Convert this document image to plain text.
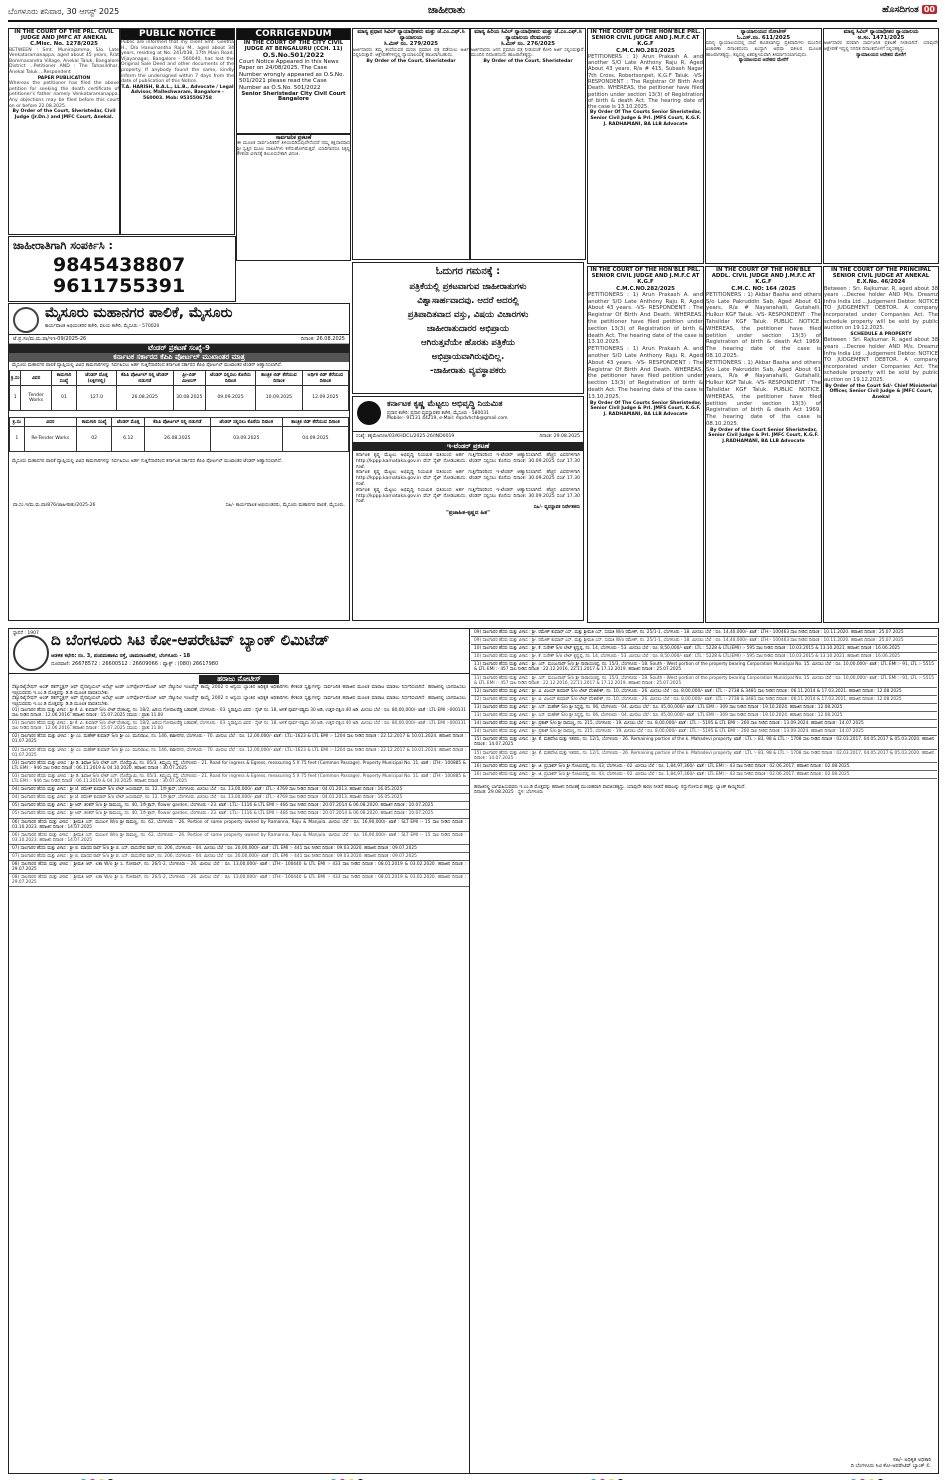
ಬೆಂಗಳೂರು ಶನಿವಾರ, 30 ಆಗಸ್ಟ್ 2025	ಜಾಹೀರಾತು	ಹೊಸದಿಗಂತ 00
IN THE COURT OF THE PRL. CIVIL JUDGE AND JMFC AT ANEKAL
C.Misc. No. 1278/2025

BETWEEN : Smt. Munirajamma, S/o. Late Venkataramanappa, aged about 45 years, R/at Bommasandra Village, Anekal Taluk, Bangalore District ...Petitioner AND : The Tahasildhar, Anekal Taluk ...Respondent

PAPER PUBLICATION

Whereas the petitioner has filed the above petition for seeking the death certificate of petitioner's father namely Venkataramanappa. Any objections may be filed before this court on or before 22.08.2025.

By Order of the Court, Sheristedar, Civil Judge (Jr.Dn.) and JMFC Court, Anekal.

PUBLIC NOTICE

Public are informed that my client Smt. Geetha H., D/o Hanumantha Raju M., aged about 34 years, residing at No. 241/038, 17th Main Road, Vijayanagar, Bangalore - 560040, has lost the Original Sale Deed and other documents of the property. If anybody found the same, kindly inform the undersigned within 7 days from the date of publication of this Notice.

T.A. HARISH, B.A.L., LL.B., Advocate / Legal Advisor, Malleshwaram, Bangalore - 560003. Mob: 9535506758

CORRIGENDUM
IN THE COURT OF THE CITY CIVIL JUDGE AT BENGALURU (CCH. 11)
O.S.No.501/2022

Court Notice Appeared in this News Paper on 24/08/2025. The Case Number wrongly appeared as O.S.No. 501/2021 please read the Case Number as O.S.No. 501/2022

Senior Sheristedar City Civil Court Bangalore

ಸಾರ್ವಜನಿಕ ಪ್ರಕಟಣೆ

ಈ ಮೂಲಕ ಸಾರ್ವಜನಿಕರಿಗೆ ತಿಳಿಯಪಡಿಸುವುದೇನೆಂದರೆ ನಮ್ಮ ಕಕ್ಷಿದಾರರಾದ ಶ್ರೀ ಸ್ವತ್ತಿನ ಮೂಲ ದಾಖಲೆಗಳು ಕಳೆದುಹೋಗಿರುತ್ತವೆ. ಯಾರಿಗಾದರೂ ಸಿಕ್ಕಲ್ಲಿ ಕೆಳಕಂಡ ವಿಳಾಸಕ್ಕೆ ತಲುಪಿಸಬೇಕಾಗಿ ವಿನಂತಿ.

ಮಾನ್ಯ ಪ್ರಧಾನ ಸಿವಿಲ್ ನ್ಯಾಯಾಧೀಶರು ಮತ್ತು ಜೆ.ಎಂ.ಎಫ್.ಸಿ ನ್ಯಾಯಾಲಯ
ಸಿ.ಮಿಸ್ ನಂ. 279/2025

ಅರ್ಜಿದಾರರು ತಮ್ಮ ತಂದೆಯವರ ಮರಣ ಪ್ರಮಾಣ ಪತ್ರ ಪಡೆಯಲು ಅರ್ಜಿ ಸಲ್ಲಿಸಿರುತ್ತಾರೆ. ಆಕ್ಷೇಪಣೆಗಳಿದ್ದಲ್ಲಿ ನ್ಯಾಯಾಲಯಕ್ಕೆ ಹಾಜರಾಗಬಹುದು.

By Order of the Court, Sheristedar

ಮಾನ್ಯ ಹಿರಿಯ ಸಿವಿಲ್ ನ್ಯಾಯಾಧೀಶರು ಮತ್ತು ಜೆ.ಎಂ.ಎಫ್.ಸಿ ನ್ಯಾಯಾಲಯ ನೆಲಮಂಗಲ
ಸಿ.ಮಿಸ್ ನಂ. 276/2025

ಅರ್ಜಿದಾರರು ಜನನ ಪ್ರಮಾಣ ಪತ್ರ ನೀಡುವಂತೆ ಕೋರಿ ಅರ್ಜಿ ಸಲ್ಲಿಸಿರುತ್ತಾರೆ. ಮುಂದಿನ ದಿನಾಂಕದಂದು ಹಾಜರಾಗತಕ್ಕದ್ದು.

By Order of the Court, Sheristedar

IN THE COURT OF THE HON'BLE PRL. SENIOR CIVIL JUDGE AND J.M.F.C AT K.G.F
C.M.C.NO.281/2025

PETITIONERS : 1) Arun Prakash A. and another S/O Late Anthony Raju R, Aged About 43 years, R/a # 415, Subash Nagar 7th Cross, Robertsonpet, K.G.F Taluk. -VS- RESPONDENT : The Registrar Of Birth And Death. WHEREAS, the petitioner have filed petition under section 13(3) of Registration of birth & death Act. The hearing date of the case is 13.10.2025.

By Order Of The Courts Senior Sheristedar, Senior Civil Judge & Prl. JMFS Court, K.G.F. J. RADHAMANI, BA LLB Advocate

ನ್ಯಾಯಾಲಯದ ನೋಟೀಸ್
ಓ.ಎಸ್.ನಂ. 611/2025

ಮಾನ್ಯ ನ್ಯಾಯಾಲಯದಲ್ಲಿ ದಾವೆ ಹೂಡಲಾಗಿದ್ದು ಪ್ರತಿವಾದಿಗಳು ಮುಂದಿನ ವಿಚಾರಣಾ ದಿನಾಂಕದಂದು ಖುದ್ದಾಗಿ ಅಥವಾ ವಕೀಲರ ಮೂಲಕ ಹಾಜರಾಗತಕ್ಕದ್ದು, ತಪ್ಪಿದಲ್ಲಿ ಏಕಪಕ್ಷೀಯವಾಗಿ ತೀರ್ಮಾನಿಸಲಾಗುವುದು.

ನ್ಯಾಯಾಲಯದ ಆದೇಶದ ಮೇರೆಗೆ

ಮಾನ್ಯ ಸಿವಿಲ್ ನ್ಯಾಯಾಧೀಶರ ನ್ಯಾಯಾಲಯ
ಅ.ಸಂ. 1471/2025

ಅರ್ಜಿದಾರರ ಪರವಾಗಿ ಸಾರ್ವಜನಿಕ ಪ್ರಕಟಣೆ ನೀಡಲಾಗಿದೆ. ಯಾವುದೇ ಆಕ್ಷೇಪಣೆ ಇದ್ದಲ್ಲಿ ನಿಗದಿತ ದಿನಾಂಕದೊಳಗೆ ಸಲ್ಲಿಸತಕ್ಕದ್ದು.

ನ್ಯಾಯಾಲಯದ ಆದೇಶದ ಮೇರೆಗೆ

ಜಾಹೀರಾತಿಗಾಗಿ ಸಂಪರ್ಕಿಸಿ :
9845438807
9611755391
ಮೈಸೂರು ಮಹಾನಗರ ಪಾಲಿಕೆ, ಮೈಸೂರು
ಕಾರ್ಯಪಾಲಕ ಅಭಿಯಂತರರ ಕಚೇರಿ, ವಲಯ ಕಚೇರಿ, ಮೈಸೂರು - 570020
ಟೆ.ಪ್ರ.ಸಂ/ಮ.ಮ.ಪಾ/ಇಇ-09/2025-26	ದಿನಾಂಕ: 26.08.2025
ಟೆಂಡರ್ ಪ್ರಕಟಣೆ ಸಂಖ್ಯೆ-9
ಕರ್ನಾಟಕ ಸರ್ಕಾರದ ಕೆಪಿಪಿ ಪೋರ್ಟಲ್ ಮುಖಾಂತರ ಮಾತ್ರ
ಮೈಸೂರು ಮಹಾನಗರ ಪಾಲಿಕೆ ವ್ಯಾಪ್ತಿಯಲ್ಲಿ ವಿವಿಧ ಕಾಮಗಾರಿಗಳನ್ನು ನಿರ್ವಹಿಸಲು ಅರ್ಹ ಗುತ್ತಿಗೆದಾರರಿಂದ ಕರ್ನಾಟಕ ಸರ್ಕಾರದ ಕೆಪಿಪಿ ಪೋರ್ಟಲ್ ಮುಖಾಂತರ ಟೆಂಡರ್ ಆಹ್ವಾನಿಸಲಾಗಿದೆ.
ಕ್ರ.ಸಂ	ವಿವರ	ಕಾಮಗಾರಿ ಸಂಖ್ಯೆ	ಟೆಂಡರ್ ಮೊತ್ತ (ಲಕ್ಷಗಳಲ್ಲಿ)	ಕೆಪಿಪಿ ಪೋರ್ಟಲ್ ನಲ್ಲಿ ಟೆಂಡರ್ ಬಿಡುಗಡೆ	ಪ್ರೀ-ಬಿಡ್ ಮೀಟಿಂಗ್	ಟೆಂಡರ್ ಸಲ್ಲಿಸಲು ಕೊನೆಯ ದಿನಾಂಕ	ತಾಂತ್ರಿಕ ಬಿಡ್ ತೆರೆಯುವ ದಿನಾಂಕ	ಆರ್ಥಿಕ ಬಿಡ್ ತೆರೆಯುವ ದಿನಾಂಕ
1	Tender Works	01	127.0	26.08.2025	30.08.2025	09.09.2025	10.09.2025	12.09.2025
ಕ್ರ.ಸಂ	ವಿವರ	ಕಾಮಗಾರಿ ಸಂಖ್ಯೆ	ಟೆಂಡರ್ ಮೊತ್ತ	ಕೆಪಿಪಿ ಪೋರ್ಟಲ್ ನಲ್ಲಿ ಬಿಡುಗಡೆ	ಟೆಂಡರ್ ಸಲ್ಲಿಸಲು ಕೊನೆಯ ದಿನಾಂಕ	ತಾಂತ್ರಿಕ ಬಿಡ್ ತೆರೆಯುವ ದಿನಾಂಕ
1	Re-Tender Works	02	6.12	26.08.2025	03.09.2025	04.09.2025
ಮೈಸೂರು ಮಹಾನಗರ ಪಾಲಿಕೆ ವ್ಯಾಪ್ತಿಯಲ್ಲಿ ವಿವಿಧ ಕಾಮಗಾರಿಗಳನ್ನು ನಿರ್ವಹಿಸಲು ಅರ್ಹ ಗುತ್ತಿಗೆದಾರರಿಂದ ಕರ್ನಾಟಕ ಸರ್ಕಾರದ ಕೆಪಿಪಿ ಪೋರ್ಟಲ್ ಮುಖಾಂತರ ಟೆಂಡರ್ ಆಹ್ವಾನಿಸಲಾಗಿದೆ.
ವಾ.ಸಂ.ಇ/ಮ.ಮ.ಪಾ/876/ಜಾಹೀರಾತು/2025-26	ಸಹಿ/- ಕಾರ್ಯಪಾಲಕ ಅಭಿಯಂತರರು, ಮೈಸೂರು ಮಹಾನಗರ ಪಾಲಿಕೆ, ಮೈಸೂರು.
ಓದುಗರ ಗಮನಕ್ಕೆ :
ಪತ್ರಿಕೆಯಲ್ಲಿ ಪ್ರಕಟವಾಗುವ ಜಾಹೀರಾತುಗಳು
ವಿಶ್ವಾಸಾರ್ಹವಾದವು. ಆದರೆ ಅದರಲ್ಲಿ
ಪ್ರತಿಪಾದಿತವಾದ ವಸ್ತು, ವಿಷಯ ವಿಚಾರಗಳು
ಜಾಹೀರಾತುದಾರರ ಅಭಿಪ್ರಾಯ
ಆಗಿರುತ್ತವೆಯೇ ಹೊರತು ಪತ್ರಿಕೆಯ
ಅಭಿಪ್ರಾಯವಾಗಿರುವುದಿಲ್ಲ.
-ಜಾಹೀರಾತು ವ್ಯವಸ್ಥಾಪಕರು
ಕರ್ನಾಟಕ ಕೃಷ್ಣ ಮೆಟ್ಟಲು ಅಭಿವೃದ್ಧಿ ನಿಯಮಿತ
ಪ್ರಧಾನ ಕಚೇರಿ: ಪ್ರಧಾನ ವ್ಯವಸ್ಥಾಪಕರ ಕಚೇರಿ, ಮೈಸೂರು - 580031
Mobile:- 91131 44219, e-Mail: mpdvhchb@gmail.com
ಸಂಖ್ಯೆ: ಕಕೃಮೆಅನಿ/ಆ/03/KHDCL/2025-26/IND0019	ದಿನಾಂಕ: 29.08.2025
ಇ-ಟೆಂಡರ್ ಪ್ರಕಟಣೆ
ಕರ್ನಾಟಕ ಕೃಷ್ಣ ಮೆಟ್ಟಲು ಅಭಿವೃದ್ಧಿ ನಿಯಮಿತ ವತಿಯಿಂದ ಅರ್ಹ ಗುತ್ತಿಗೆದಾರರಿಂದ ಇ-ಟೆಂಡರ್ ಆಹ್ವಾನಿಸಲಾಗಿದೆ. ಹೆಚ್ಚಿನ ವಿವರಗಳಿಗಾಗಿ http://kppp.karnataka.gov.in ವೆಬ್ ಸೈಟ್ ನೋಡಬಹುದು. ಟೆಂಡರ್ ಸಲ್ಲಿಸಲು ಕೊನೆಯ ದಿನಾಂಕ: 30.09.2025 ಸಂಜೆ 17.30 ಗಂಟೆ.
ಕರ್ನಾಟಕ ಕೃಷ್ಣ ಮೆಟ್ಟಲು ಅಭಿವೃದ್ಧಿ ನಿಯಮಿತ ವತಿಯಿಂದ ಅರ್ಹ ಗುತ್ತಿಗೆದಾರರಿಂದ ಇ-ಟೆಂಡರ್ ಆಹ್ವಾನಿಸಲಾಗಿದೆ. ಹೆಚ್ಚಿನ ವಿವರಗಳಿಗಾಗಿ http://kppp.karnataka.gov.in ವೆಬ್ ಸೈಟ್ ನೋಡಬಹುದು. ಟೆಂಡರ್ ಸಲ್ಲಿಸಲು ಕೊನೆಯ ದಿನಾಂಕ: 30.09.2025 ಸಂಜೆ 17.30 ಗಂಟೆ.
ಕರ್ನಾಟಕ ಕೃಷ್ಣ ಮೆಟ್ಟಲು ಅಭಿವೃದ್ಧಿ ನಿಯಮಿತ ವತಿಯಿಂದ ಅರ್ಹ ಗುತ್ತಿಗೆದಾರರಿಂದ ಇ-ಟೆಂಡರ್ ಆಹ್ವಾನಿಸಲಾಗಿದೆ. ಹೆಚ್ಚಿನ ವಿವರಗಳಿಗಾಗಿ http://kppp.karnataka.gov.in ವೆಬ್ ಸೈಟ್ ನೋಡಬಹುದು. ಟೆಂಡರ್ ಸಲ್ಲಿಸಲು ಕೊನೆಯ ದಿನಾಂಕ: 30.09.2025 ಸಂಜೆ 17.30 ಗಂಟೆ.
ಸಹಿ/- ವ್ಯವಸ್ಥಾಪಕ ನಿರ್ದೇಶಕರು
"ಪ್ರಜಾಹಿತ-ಕೃಷ್ಣದ ಹಿತ"
IN THE COURT OF THE HON'BLE ADDL. CIVIL JUDGE AND J.M.F.C AT K.G.F
C.M.C. NO: 164 /2025

PETITIONERS : 1) Akbar Basha and others S/o Late Pakruddin Sab, Aged About 61 years, R/a # Nayanahalli, Gutahalli, Hulkur KGF Taluk. -VS- RESPONDENT : The Tahsildar KGF Taluk. PUBLIC NOTICE. WHEREAS, the petitioner have filed petition under section 13(3) of Registration of birth & death Act 1969. The hearing date of the case is 08.10.2025.

PETITIONERS : 1) Akbar Basha and others S/o Late Pakruddin Sab, Aged About 61 years, R/a # Nayanahalli, Gutahalli, Hulkur KGF Taluk. -VS- RESPONDENT : The Tahsildar KGF Taluk. PUBLIC NOTICE. WHEREAS, the petitioner have filed petition under section 13(3) of Registration of birth & death Act 1969. The hearing date of the case is 08.10.2025.

By Order of the Court Senior Sheristedar, Senior Civil Judge & Prl. JMFC Court, K.G.F. J.RADHAMANI, BA LLB Advocate

IN THE COURT OF THE PRINCIPAL SENIOR CIVIL JUDGE AT ANEKAL
E.X.No. 46/2024

Between : Sri. Rajkumar. R, aged about 38 years ...Decree holder AND M/s. Dreamz Infra India Ltd ...Judgement Debtor. NOTICE TO JUDGEMENT DEBTOR. A company incorporated under Companies Act. The schedule property will be sold by public auction on 19.12.2025.

SCHEDULE A PROPERTY

Between : Sri. Rajkumar. R, aged about 38 years ...Decree holder AND M/s. Dreamz Infra India Ltd ...Judgement Debtor. NOTICE TO JUDGEMENT DEBTOR. A company incorporated under Companies Act. The schedule property will be sold by public auction on 19.12.2025.

By Order of the Court Sd/- Chief Ministerial Officer, Senior Civil Judge & JMFC Court, Anekal

IN THE COURT OF THE HON'BLE PRL. SENIOR CIVIL JUDGE AND J.M.F.C AT K.G.F
C.M.C.NO.282/2025

PETITIONERS : 1) Arun Prakash A. and another S/O Late Anthony Raju R, Aged About 43 years. -VS- RESPONDENT : The Registrar Of Birth And Death. WHEREAS, the petitioner have filed petition under section 13(3) of Registration of birth & death Act. The hearing date of the case is 13.10.2025.

PETITIONERS : 1) Arun Prakash A. and another S/O Late Anthony Raju R, Aged About 43 years. -VS- RESPONDENT : The Registrar Of Birth And Death. WHEREAS, the petitioner have filed petition under section 13(3) of Registration of birth & death Act. The hearing date of the case is 13.10.2025.

By Order Of The Courts Senior Sheristedar, Senior Civil Judge & Prl. JMFS Court, K.G.F. J. RADHAMANI, BA LLB Advocate

ಸ್ಥಾಪನೆ : 1907 ದಿ ಬೆಂಗಳೂರು ಸಿಟಿ ಕೋ-ಆಪರೇಟಿವ್ ಬ್ಯಾಂಕ್ ಲಿಮಿಟೆಡ್
ಆಡಳಿತ ಕಛೇರಿ: ನಂ. 3, ಪಂಪಮಹಾಕವಿ ರಸ್ತೆ, ಚಾಮರಾಜಪೇಟೆ, ಬೆಂಗಳೂರು - 18
ದೂರವಾಣಿ: 26678572 : 26600512 : 26609066 : ಫ್ಯಾಕ್ಸ್ : (080) 26617980
ಹರಾಜು ನೋಟೀಸ್
ಸೆಕ್ಯೂರಿಟೈಸೇಷನ್ ಅಂಡ್ ರಿಕನ್‌ಸ್ಟ್ರಕ್ಷನ್ ಆಫ್ ಫೈನಾನ್ಸಿಯಲ್ ಅಸೆಟ್ಸ್ ಅಂಡ್ ಎನ್‌ಫೋರ್ಸ್‌ಮೆಂಟ್ ಆಫ್ ಸೆಕ್ಯೂರಿಟಿ ಇಂಟರೆಸ್ಟ್ ಕಾಯ್ದೆ 2002 ರ ಅನ್ವಯ ಬ್ಯಾಂಕಿನ ಅಧಿಕೃತ ಅಧಿಕಾರಿಗಳು ಕೆಳಕಂಡ ಸ್ವತ್ತುಗಳನ್ನು ಸಾರ್ವಜನಿಕ ಹರಾಜಿನ ಮೂಲಕ ಮಾರಾಟ ಮಾಡಲು ನಿರ್ಧರಿಸಲಾಗಿದೆ. ಹರಾಜಿನಲ್ಲಿ ಭಾಗವಹಿಸಲು ಇಚ್ಛಿಸುವವರು ಇ.ಎಂ.ಡಿ ಮೊತ್ತವನ್ನು ಡಿ.ಡಿ ಮೂಲಕ ಪಾವತಿಸಬೇಕು.
ಸೆಕ್ಯೂರಿಟೈಸೇಷನ್ ಅಂಡ್ ರಿಕನ್‌ಸ್ಟ್ರಕ್ಷನ್ ಆಫ್ ಫೈನಾನ್ಸಿಯಲ್ ಅಸೆಟ್ಸ್ ಅಂಡ್ ಎನ್‌ಫೋರ್ಸ್‌ಮೆಂಟ್ ಆಫ್ ಸೆಕ್ಯೂರಿಟಿ ಇಂಟರೆಸ್ಟ್ ಕಾಯ್ದೆ 2002 ರ ಅನ್ವಯ ಬ್ಯಾಂಕಿನ ಅಧಿಕೃತ ಅಧಿಕಾರಿಗಳು ಕೆಳಕಂಡ ಸ್ವತ್ತುಗಳನ್ನು ಸಾರ್ವಜನಿಕ ಹರಾಜಿನ ಮೂಲಕ ಮಾರಾಟ ಮಾಡಲು ನಿರ್ಧರಿಸಲಾಗಿದೆ. ಹರಾಜಿನಲ್ಲಿ ಭಾಗವಹಿಸಲು ಇಚ್ಛಿಸುವವರು ಇ.ಎಂ.ಡಿ ಮೊತ್ತವನ್ನು ಡಿ.ಡಿ ಮೂಲಕ ಪಾವತಿಸಬೇಕು.
01) ಸಾಲಗಾರರ ಹೆಸರು ಮತ್ತು ವಿಳಾಸ : ಶ್ರೀ ಕೆ. ವಿ. ಕುಮಾರ್ S/o ಲೇಟ್ ವೆಂಕಟಪ್ಪ, ನಂ. 18/2, ಹಿರಿಯ ಗೋಪಾಲರೆಡ್ಡಿ ಬಡಾವಣೆ, ಬೆಂಗಳೂರು - 03. ಸ್ಥಿರಾಸ್ತಿಯ ವಿವರ : ಸೈಟ್ ನಂ. 18, ಅಳತೆ ಪೂರ್ವ-ಪಶ್ಚಿಮ 30 ಅಡಿ, ಉತ್ತರ-ದಕ್ಷಿಣ 40 ಅಡಿ. ಮೀಸಲು ಬೆಲೆ : ರೂ. 80,00,000/- ಖಾತೆ : LTL EMI :-000131 ಸಾಲ ನೀಡಿದ ದಿನಾಂಕ : 12.06.2016. ಹರಾಜಿನ ದಿನಾಂಕ : 15.07.2025 ಸಮಯ : ಪ್ರಾತಃ 11.00
01) ಸಾಲಗಾರರ ಹೆಸರು ಮತ್ತು ವಿಳಾಸ : ಶ್ರೀ ಕೆ. ವಿ. ಕುಮಾರ್ S/o ಲೇಟ್ ವೆಂಕಟಪ್ಪ, ನಂ. 18/2, ಹಿರಿಯ ಗೋಪಾಲರೆಡ್ಡಿ ಬಡಾವಣೆ, ಬೆಂಗಳೂರು - 03. ಸ್ಥಿರಾಸ್ತಿಯ ವಿವರ : ಸೈಟ್ ನಂ. 18, ಅಳತೆ ಪೂರ್ವ-ಪಶ್ಚಿಮ 30 ಅಡಿ, ಉತ್ತರ-ದಕ್ಷಿಣ 40 ಅಡಿ. ಮೀಸಲು ಬೆಲೆ : ರೂ. 80,00,000/- ಖಾತೆ : LTL EMI :-000131 ಸಾಲ ನೀಡಿದ ದಿನಾಂಕ : 12.06.2016. ಹರಾಜಿನ ದಿನಾಂಕ : 15.07.2025 ಸಮಯ : ಪ್ರಾತಃ 11.00
02) ಸಾಲಗಾರರ ಹೆಸರು ಮತ್ತು ವಿಳಾಸ : ಶ್ರೀ ಎಂ. ಮಹೇಶ್ ಕುಮಾರ್ S/o ಶ್ರೀ ಎಂ. ಮುನಿರಾಜು, ನಂ. 146, ಕಾಶೀನಗರ, ಬೆಂಗಳೂರು - 70. ಮೀಸಲು ಬೆಲೆ : ರೂ. 12,00,000/- ಖಾತೆ : LTL:-1623 & LTL EMI :- 1204 ಸಾಲ ನೀಡಿದ ದಿನಾಂಕ : 22.12.2017 & 10.01.2024. ಹರಾಜಿನ ದಿನಾಂಕ : 01.07.2025
02) ಸಾಲಗಾರರ ಹೆಸರು ಮತ್ತು ವಿಳಾಸ : ಶ್ರೀ ಎಂ. ಮಹೇಶ್ ಕುಮಾರ್ S/o ಶ್ರೀ ಎಂ. ಮುನಿರಾಜು, ನಂ. 146, ಕಾಶೀನಗರ, ಬೆಂಗಳೂರು - 70. ಮೀಸಲು ಬೆಲೆ : ರೂ. 12,00,000/- ಖಾತೆ : LTL:-1623 & LTL EMI :- 1204 ಸಾಲ ನೀಡಿದ ದಿನಾಂಕ : 22.12.2017 & 10.01.2024. ಹರಾಜಿನ ದಿನಾಂಕ : 01.07.2025
03) ಸಾಲಗಾರರ ಹೆಸರು ಮತ್ತು ವಿಳಾಸ : ಶ್ರೀ ಡಿ. ಶಿವಾಜಿ S/o ಲೇಟ್ ಎನ್. ದೊರೆಸ್ವಾಮಿ, ನಂ. 05/3, ತಿಮ್ಮಯ್ಯ ರಸ್ತೆ, ಬೆಂಗಳೂರು - 21. Road for ingress & Egress, measuring 5 X 75 feet (Common Passage). Property Municipal No. 11. ಖಾತೆ : LTH:- 100885 & LTL EMI :- 946 ಸಾಲ ನೀಡಿದ ದಿನಾಂಕ : 06.11.2019 & 04.10.2020. ಹರಾಜಿನ ದಿನಾಂಕ : 30.07.2025
03) ಸಾಲಗಾರರ ಹೆಸರು ಮತ್ತು ವಿಳಾಸ : ಶ್ರೀ ಡಿ. ಶಿವಾಜಿ S/o ಲೇಟ್ ಎನ್. ದೊರೆಸ್ವಾಮಿ, ನಂ. 05/3, ತಿಮ್ಮಯ್ಯ ರಸ್ತೆ, ಬೆಂಗಳೂರು - 21. Road for ingress & Egress, measuring 5 X 75 feet (Common Passage). Property Municipal No. 11. ಖಾತೆ : LTH:- 100885 & LTL EMI :- 946 ಸಾಲ ನೀಡಿದ ದಿನಾಂಕ : 06.11.2019 & 04.10.2020. ಹರಾಜಿನ ದಿನಾಂಕ : 30.07.2025
04) ಸಾಲಗಾರರ ಹೆಸರು ಮತ್ತು ವಿಳಾಸ : ಶ್ರೀ ಜೆ. ರಮೇಶ್ ಕುಮಾರ್ S/o ಲೇಟ್ ಜಯರಾಮ್, ನಂ. 12, 1ನೇ ಕ್ರಾಸ್, ಬೆಂಗಳೂರು. ಮೀಸಲು ಬೆಲೆ : ರೂ. 13,00,000/- ಖಾತೆ : LTL:- 4769 ಸಾಲ ನೀಡಿದ ದಿನಾಂಕ : 04.01.2013. ಹರಾಜಿನ ದಿನಾಂಕ : 16.05.2025
04) ಸಾಲಗಾರರ ಹೆಸರು ಮತ್ತು ವಿಳಾಸ : ಶ್ರೀ ಜೆ. ರಮೇಶ್ ಕುಮಾರ್ S/o ಲೇಟ್ ಜಯರಾಮ್, ನಂ. 12, 1ನೇ ಕ್ರಾಸ್, ಬೆಂಗಳೂರು. ಮೀಸಲು ಬೆಲೆ : ರೂ. 13,00,000/- ಖಾತೆ : LTL:- 4769 ಸಾಲ ನೀಡಿದ ದಿನಾಂಕ : 04.01.2013. ಹರಾಜಿನ ದಿನಾಂಕ : 16.05.2025
05) ಸಾಲಗಾರರ ಹೆಸರು ಮತ್ತು ವಿಳಾಸ : ಶ್ರೀ ಆರ್. ಶಂಕರ್ S/o ಶ್ರೀ ರಾಮಯ್ಯ, ನಂ. 40, 1ನೇ ಕ್ರಾಸ್, flower garden, ಬೆಂಗಳೂರು - 23. ಖಾತೆ : LTL:- 1116 & LTL EMI :- 466 ಸಾಲ ನೀಡಿದ ದಿನಾಂಕ : 20.07.2014 & 06.08.2020. ಹರಾಜಿನ ದಿನಾಂಕ : 10.07.2025
05) ಸಾಲಗಾರರ ಹೆಸರು ಮತ್ತು ವಿಳಾಸ : ಶ್ರೀ ಆರ್. ಶಂಕರ್ S/o ಶ್ರೀ ರಾಮಯ್ಯ, ನಂ. 40, 1ನೇ ಕ್ರಾಸ್, flower garden, ಬೆಂಗಳೂರು - 23. ಖಾತೆ : LTL:- 1116 & LTL EMI :- 466 ಸಾಲ ನೀಡಿದ ದಿನಾಂಕ : 20.07.2014 & 06.08.2020. ಹರಾಜಿನ ದಿನಾಂಕ : 10.07.2025
06) ಸಾಲಗಾರರ ಹೆಸರು ಮತ್ತು ವಿಳಾಸ : ಶ್ರೀಮತಿ ಎಸ್. ಮಂಜುಳ W/o ಶ್ರೀ ರಾಮಣ್ಣ, ನಂ. 62, ಬೆಂಗಳೂರು - 26. Portion of same property owned by Ramanna, Raju & Manjula. ಮೀಸಲು ಬೆಲೆ : ರೂ. 16,90,000/- ಖಾತೆ : SLT EMI :- 15 ಸಾಲ ನೀಡಿದ ದಿನಾಂಕ : 03.10.2023. ಹರಾಜಿನ ದಿನಾಂಕ : 14.07.2025
06) ಸಾಲಗಾರರ ಹೆಸರು ಮತ್ತು ವಿಳಾಸ : ಶ್ರೀಮತಿ ಎಸ್. ಮಂಜುಳ W/o ಶ್ರೀ ರಾಮಣ್ಣ, ನಂ. 62, ಬೆಂಗಳೂರು - 26. Portion of same property owned by Ramanna, Raju & Manjula. ಮೀಸಲು ಬೆಲೆ : ರೂ. 16,90,000/- ಖಾತೆ : SLT EMI :- 15 ಸಾಲ ನೀಡಿದ ದಿನಾಂಕ : 03.10.2023. ಹರಾಜಿನ ದಿನಾಂಕ : 14.07.2025
07) ಸಾಲಗಾರರ ಹೆಸರು ಮತ್ತು ವಿಳಾಸ : ಶ್ರೀ ಬಿ. ಮಾಧವ ರಾವ್ S/o ಶ್ರೀ ಬಿ. ಎಸ್. ವಾಸುದೇವ ರಾವ್, ನಂ. 206, ಬೆಂಗಳೂರು - 04. ಮೀಸಲು ಬೆಲೆ : ರೂ. 20,00,000/- ಖಾತೆ : LTL EMI :- 441 ಸಾಲ ನೀಡಿದ ದಿನಾಂಕ : 09.03.2020. ಹರಾಜಿನ ದಿನಾಂಕ : 09.07.2025
07) ಸಾಲಗಾರರ ಹೆಸರು ಮತ್ತು ವಿಳಾಸ : ಶ್ರೀ ಬಿ. ಮಾಧವ ರಾವ್ S/o ಶ್ರೀ ಬಿ. ಎಸ್. ವಾಸುದೇವ ರಾವ್, ನಂ. 206, ಬೆಂಗಳೂರು - 04. ಮೀಸಲು ಬೆಲೆ : ರೂ. 20,00,000/- ಖಾತೆ : LTL EMI :- 441 ಸಾಲ ನೀಡಿದ ದಿನಾಂಕ : 09.03.2020. ಹರಾಜಿನ ದಿನಾಂಕ : 09.07.2025
08) ಸಾಲಗಾರರ ಹೆಸರು ಮತ್ತು ವಿಳಾಸ : ಶ್ರೀಮತಿ ಆರ್. ಲತಾ W/o ಶ್ರೀ ಸಿ. ಗೋಪಾಲ್, ನಂ. 26/1-2, ಬೆಂಗಳೂರು - 26. ಮೀಸಲು ಬೆಲೆ : ರೂ. 13,00,000/- ಖಾತೆ : LTH:- 100440 & LTL EMI :- 433 ಸಾಲ ನೀಡಿದ ದಿನಾಂಕ : 08.01.2019 & 03.02.2020. ಹರಾಜಿನ ದಿನಾಂಕ : 29.07.2025
08) ಸಾಲಗಾರರ ಹೆಸರು ಮತ್ತು ವಿಳಾಸ : ಶ್ರೀಮತಿ ಆರ್. ಲತಾ W/o ಶ್ರೀ ಸಿ. ಗೋಪಾಲ್, ನಂ. 26/1-2, ಬೆಂಗಳೂರು - 26. ಮೀಸಲು ಬೆಲೆ : ರೂ. 13,00,000/- ಖಾತೆ : LTH:- 100440 & LTL EMI :- 433 ಸಾಲ ನೀಡಿದ ದಿನಾಂಕ : 08.01.2019 & 03.02.2020. ಹರಾಜಿನ ದಿನಾಂಕ : 29.07.2025
09) ಸಾಲಗಾರರ ಹೆಸರು ಮತ್ತು ವಿಳಾಸ : ಶ್ರೀ. ರಮೇಶ್ ಕುಮಾರ್ ಎಸ್. ಮತ್ತು ಶ್ರೀಮತಿ ಎಸ್. ಸುಮತಿ W/o ರಮೇಶ್, ನಂ. 25/1-1, ಬೆಂಗಳೂರು - 18. ಮೀಸಲು ಬೆಲೆ : ರೂ. 14,40,000/- ಖಾತೆ : LTH:- 100463 ಸಾಲ ನೀಡಿದ ದಿನಾಂಕ : 10.11.2020. ಹರಾಜಿನ ದಿನಾಂಕ : 25.07.2025
09) ಸಾಲಗಾರರ ಹೆಸರು ಮತ್ತು ವಿಳಾಸ : ಶ್ರೀ. ರಮೇಶ್ ಕುಮಾರ್ ಎಸ್. ಮತ್ತು ಶ್ರೀಮತಿ ಎಸ್. ಸುಮತಿ W/o ರಮೇಶ್, ನಂ. 25/1-1, ಬೆಂಗಳೂರು - 18. ಮೀಸಲು ಬೆಲೆ : ರೂ. 14,40,000/- ಖಾತೆ : LTH:- 100463 ಸಾಲ ನೀಡಿದ ದಿನಾಂಕ : 10.11.2020. ಹರಾಜಿನ ದಿನಾಂಕ : 25.07.2025
10) ಸಾಲಗಾರರ ಹೆಸರು ಮತ್ತು ವಿಳಾಸ : ಶ್ರೀ. ಕೆ. ಸುರೇಶ್ S/o ಲೇಟ್ ಕೃಷ್ಣಪ್ಪ, ನಂ. 14, ಬೆಂಗಳೂರು - 53. ಮೀಸಲು ಬೆಲೆ : ರೂ. 8,50,000/- ಖಾತೆ : LTL : 5228 & LTL(EMI) :- 595 ಸಾಲ ನೀಡಿದ ದಿನಾಂಕ : 10.03.2015 & 13.10.2021. ಹರಾಜಿನ ದಿನಾಂಕ : 16.06.2025
10) ಸಾಲಗಾರರ ಹೆಸರು ಮತ್ತು ವಿಳಾಸ : ಶ್ರೀ. ಕೆ. ಸುರೇಶ್ S/o ಲೇಟ್ ಕೃಷ್ಣಪ್ಪ, ನಂ. 14, ಬೆಂಗಳೂರು - 53. ಮೀಸಲು ಬೆಲೆ : ರೂ. 8,50,000/- ಖಾತೆ : LTL : 5228 & LTL(EMI) :- 595 ಸಾಲ ನೀಡಿದ ದಿನಾಂಕ : 10.03.2015 & 13.10.2021. ಹರಾಜಿನ ದಿನಾಂಕ : 16.06.2025
11) ಸಾಲಗಾರರ ಹೆಸರು ಮತ್ತು ವಿಳಾಸ : ಶ್ರೀ. ಎನ್. ಮಂಜುನಾಥ್ S/o ಶ್ರೀ ನಾರಾಯಣಪ್ಪ, ನಂ. 15/3, ಬೆಂಗಳೂರು - 18. South - West portion of the property bearing Corporation Municipal No. 15. ಮೀಸಲು ಬೆಲೆ : ರೂ. 10,00,000/- ಖಾತೆ : LTL EMI :- 91, LTL :- 5515 & LTL EMI :- 457 ಸಾಲ ನೀಡಿದ ದಿನಾಂಕ : 22.12.2016, 22.11.2017 & 17.12.2019. ಹರಾಜಿನ ದಿನಾಂಕ : 25.07.2025
11) ಸಾಲಗಾರರ ಹೆಸರು ಮತ್ತು ವಿಳಾಸ : ಶ್ರೀ. ಎನ್. ಮಂಜುನಾಥ್ S/o ಶ್ರೀ ನಾರಾಯಣಪ್ಪ, ನಂ. 15/3, ಬೆಂಗಳೂರು - 18. South - West portion of the property bearing Corporation Municipal No. 15. ಮೀಸಲು ಬೆಲೆ : ರೂ. 10,00,000/- ಖಾತೆ : LTL EMI :- 91, LTL :- 5515 & LTL EMI :- 457 ಸಾಲ ನೀಡಿದ ದಿನಾಂಕ : 22.12.2016, 22.11.2017 & 17.12.2019. ಹರಾಜಿನ ದಿನಾಂಕ : 25.07.2025
12) ಸಾಲಗಾರರ ಹೆಸರು ಮತ್ತು ವಿಳಾಸ : ಶ್ರೀ. ವಿ. ವಿಜಯ್ ಕುಮಾರ್ S/o ಲೇಟ್ ವೆಂಕಟೇಶ್, ನಂ. 10, ಬೆಂಗಳೂರು - 26. ಮೀಸಲು ಬೆಲೆ : ರೂ. 8,00,000/- ಖಾತೆ : LTL :- 2738 & 3481 ಸಾಲ ನೀಡಿದ ದಿನಾಂಕ : 06.11.2014 & 17.03.2021. ಹರಾಜಿನ ದಿನಾಂಕ : 12.08.2025
12) ಸಾಲಗಾರರ ಹೆಸರು ಮತ್ತು ವಿಳಾಸ : ಶ್ರೀ. ವಿ. ವಿಜಯ್ ಕುಮಾರ್ S/o ಲೇಟ್ ವೆಂಕಟೇಶ್, ನಂ. 10, ಬೆಂಗಳೂರು - 26. ಮೀಸಲು ಬೆಲೆ : ರೂ. 8,00,000/- ಖಾತೆ : LTL :- 2738 & 3481 ಸಾಲ ನೀಡಿದ ದಿನಾಂಕ : 06.11.2014 & 17.03.2021. ಹರಾಜಿನ ದಿನಾಂಕ : 12.08.2025
13) ಸಾಲಗಾರರ ಹೆಸರು ಮತ್ತು ವಿಳಾಸ : ಶ್ರೀ. ಎಸ್. ಮಹೇಶ್ S/o ಶ್ರೀ ಸಿದ್ದಪ್ಪ, ನಂ. 06, ಬೆಂಗಳೂರು - 04. ಮೀಸಲು ಬೆಲೆ : ರೂ. 45,00,000/- ಖಾತೆ : LTL EMI :- 309 ಸಾಲ ನೀಡಿದ ದಿನಾಂಕ : 19.10.2024. ಹರಾಜಿನ ದಿನಾಂಕ : 12.08.2025
13) ಸಾಲಗಾರರ ಹೆಸರು ಮತ್ತು ವಿಳಾಸ : ಶ್ರೀ. ಎಸ್. ಮಹೇಶ್ S/o ಶ್ರೀ ಸಿದ್ದಪ್ಪ, ನಂ. 06, ಬೆಂಗಳೂರು - 04. ಮೀಸಲು ಬೆಲೆ : ರೂ. 45,00,000/- ಖಾತೆ : LTL EMI :- 309 ಸಾಲ ನೀಡಿದ ದಿನಾಂಕ : 19.10.2024. ಹರಾಜಿನ ದಿನಾಂಕ : 12.08.2025
14) ಸಾಲಗಾರರ ಹೆಸರು ಮತ್ತು ವಿಳಾಸ : ಶ್ರೀ. ಪ್ರಕಾಶ್ S/o ಶ್ರೀ ರಾಮಣ್ಣ, ನಂ. 215, ಬೆಂಗಳೂರು - 19. ಮೀಸಲು ಬೆಲೆ : ರೂ. 8,00,000/- ಖಾತೆ : LTL :- 5195 & LTL EMI :- 260 ಸಾಲ ನೀಡಿದ ದಿನಾಂಕ : 13.09.2024. ಹರಾಜಿನ ದಿನಾಂಕ : 14.07.2025
14) ಸಾಲಗಾರರ ಹೆಸರು ಮತ್ತು ವಿಳಾಸ : ಶ್ರೀ. ಪ್ರಕಾಶ್ S/o ಶ್ರೀ ರಾಮಣ್ಣ, ನಂ. 215, ಬೆಂಗಳೂರು - 19. ಮೀಸಲು ಬೆಲೆ : ರೂ. 8,00,000/- ಖಾತೆ : LTL :- 5195 & LTL EMI :- 260 ಸಾಲ ನೀಡಿದ ದಿನಾಂಕ : 13.09.2024. ಹರಾಜಿನ ದಿನಾಂಕ : 14.07.2025
15) ಸಾಲಗಾರರ ಹೆಸರು ಮತ್ತು ವಿಳಾಸ : ಶ್ರೀ. ಕೆ. ಮಹದೇವಿ ಮತ್ತು ಇತರರು, ನಂ. 12/1, ಬೆಂಗಳೂರು - 26. Remaining portion of the k. Mahadevi property. ಖಾತೆ : LTL :- 83, 98 & LTL :- 1708 ಸಾಲ ನೀಡಿದ ದಿನಾಂಕ : 02.03.2017, 04.05.2017 & 05.03.2020. ಹರಾಜಿನ ದಿನಾಂಕ : 14.07.2025
15) ಸಾಲಗಾರರ ಹೆಸರು ಮತ್ತು ವಿಳಾಸ : ಶ್ರೀ. ಕೆ. ಮಹದೇವಿ ಮತ್ತು ಇತರರು, ನಂ. 12/1, ಬೆಂಗಳೂರು - 26. Remaining portion of the k. Mahadevi property. ಖಾತೆ : LTL :- 83, 98 & LTL :- 1708 ಸಾಲ ನೀಡಿದ ದಿನಾಂಕ : 02.03.2017, 04.05.2017 & 05.03.2020. ಹರಾಜಿನ ದಿನಾಂಕ : 14.07.2025
16) ಸಾಲಗಾರರ ಹೆಸರು ಮತ್ತು ವಿಳಾಸ : ಶ್ರೀ. ಜಿ. ಪ್ರಭಾಕರ್ S/o ಶ್ರೀ ಗೋವಿಂದಪ್ಪ, ನಂ. 43, ಬೆಂಗಳೂರು - 02. ಮೀಸಲು ಬೆಲೆ : ರೂ. 1,84,97,360/- ಖಾತೆ : LTL EMI :- 43 ಸಾಲ ನೀಡಿದ ದಿನಾಂಕ : 02.06.2017. ಹರಾಜಿನ ದಿನಾಂಕ : 02.08.2025
16) ಸಾಲಗಾರರ ಹೆಸರು ಮತ್ತು ವಿಳಾಸ : ಶ್ರೀ. ಜಿ. ಪ್ರಭಾಕರ್ S/o ಶ್ರೀ ಗೋವಿಂದಪ್ಪ, ನಂ. 43, ಬೆಂಗಳೂರು - 02. ಮೀಸಲು ಬೆಲೆ : ರೂ. 1,84,97,360/- ಖಾತೆ : LTL EMI :- 43 ಸಾಲ ನೀಡಿದ ದಿನಾಂಕ : 02.06.2017. ಹರಾಜಿನ ದಿನಾಂಕ : 02.08.2025
ಹರಾಜಿನಲ್ಲಿ ಭಾಗವಹಿಸುವವರು ಇ.ಎಂ.ಡಿ ಮೊತ್ತವನ್ನು ಹರಾಜಿನ ದಿನಾಂಕಕ್ಕೆ ಮುಂಚಿತವಾಗಿ ಪಾವತಿಸತಕ್ಕದ್ದು. ಯಾವುದೇ ಕಾರಣ ನೀಡದೆ ಹರಾಜನ್ನು ರದ್ದುಗೊಳಿಸುವ ಹಕ್ಕನ್ನು ಬ್ಯಾಂಕ್ ಕಾಯ್ದಿರಿಸಿದೆ.
ದಿನಾಂಕ: 29.08.2025 ಸ್ಥಳ: ಬೆಂಗಳೂರು
ಸಹಿ/- ಅಧಿಕೃತ ಅಧಿಕಾರಿ
ದಿ ಬೆಂಗಳೂರು ಸಿಟಿ ಕೋ-ಆಪರೇಟಿವ್ ಬ್ಯಾಂಕ್ ಲಿ.
